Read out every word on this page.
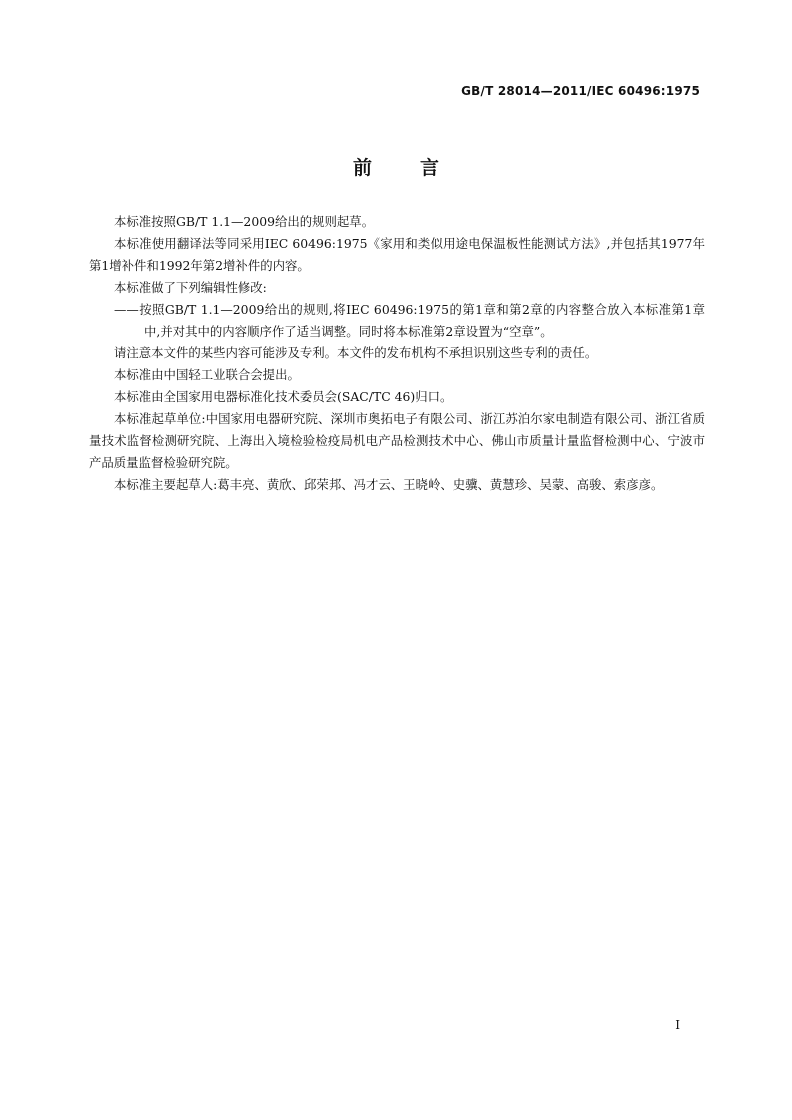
GB/T 28014—2011/IEC 60496:1975
前言

本标准按照GB/T 1.1—2009给出的规则起草。

本标准使用翻译法等同采用IEC 60496:1975《家用和类似用途电保温板性能测试方法》,并包括其1977年第1增补件和1992年第2增补件的内容。

本标准做了下列编辑性修改:

——按照GB/T 1.1—2009给出的规则,将IEC 60496:1975的第1章和第2章的内容整合放入本标准第1章中,并对其中的内容顺序作了适当调整。同时将本标准第2章设置为“空章”。

请注意本文件的某些内容可能涉及专利。本文件的发布机构不承担识别这些专利的责任。

本标准由中国轻工业联合会提出。

本标准由全国家用电器标准化技术委员会(SAC/TC 46)归口。

本标准起草单位:中国家用电器研究院、深圳市奥拓电子有限公司、浙江苏泊尔家电制造有限公司、浙江省质量技术监督检测研究院、上海出入境检验检疫局机电产品检测技术中心、佛山市质量计量监督检测中心、宁波市产品质量监督检验研究院。

本标准主要起草人:葛丰亮、黄欣、邱荣邦、冯才云、王晓岭、史骥、黄慧珍、吴蒙、高骏、索彦彦。

I
